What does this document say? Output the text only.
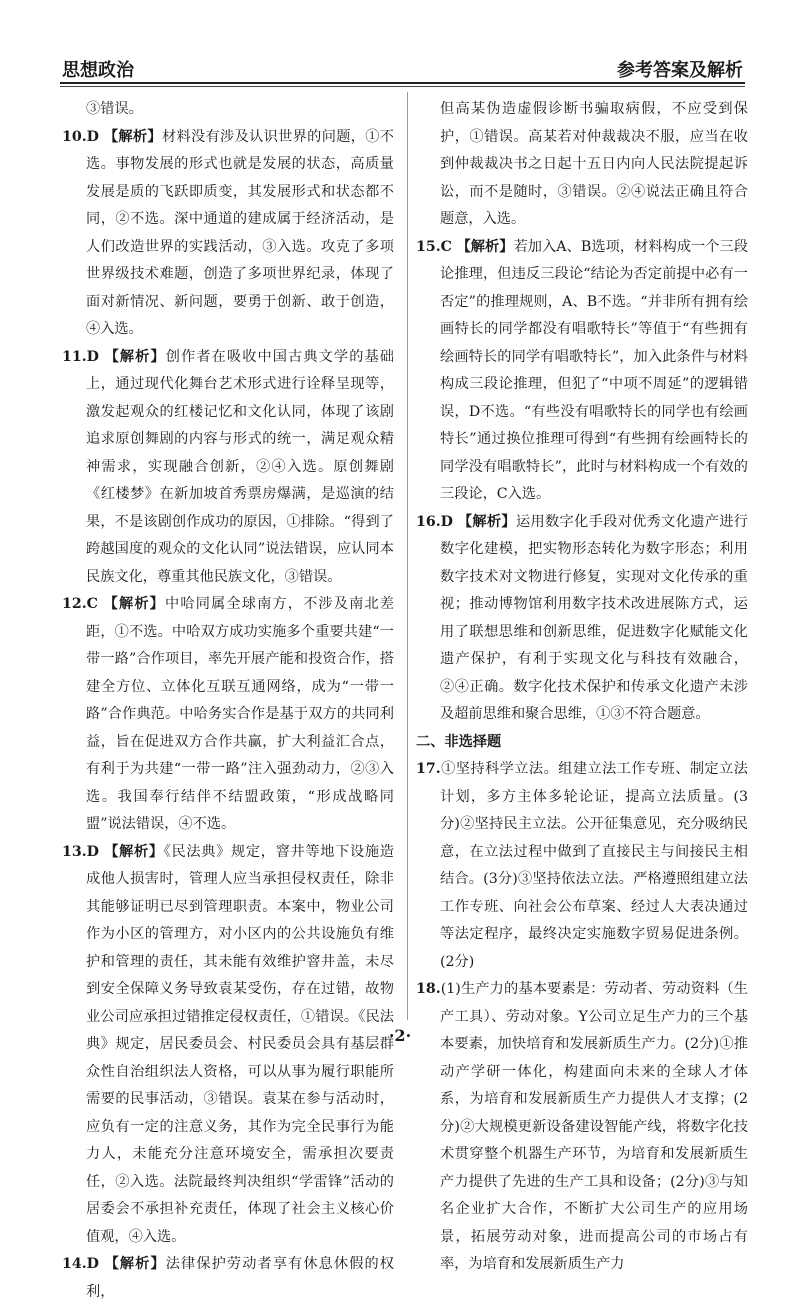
思想政治	参考答案及解析

③错误。

10.D 【解析】材料没有涉及认识世界的问题，①不选。事物发展的形式也就是发展的状态，高质量发展是质的飞跃即质变，其发展形式和状态都不同，②不选。深中通道的建成属于经济活动，是人们改造世界的实践活动，③入选。攻克了多项世界级技术难题，创造了多项世界纪录，体现了面对新情况、新问题，要勇于创新、敢于创造，④入选。

11.D 【解析】创作者在吸收中国古典文学的基础上，通过现代化舞台艺术形式进行诠释呈现等，激发起观众的红楼记忆和文化认同，体现了该剧追求原创舞剧的内容与形式的统一，满足观众精神需求，实现融合创新，②④入选。原创舞剧《红楼梦》在新加坡首秀票房爆满，是巡演的结果，不是该剧创作成功的原因，①排除。“得到了跨越国度的观众的文化认同”说法错误，应认同本民族文化，尊重其他民族文化，③错误。

12.C 【解析】中哈同属全球南方，不涉及南北差距，①不选。中哈双方成功实施多个重要共建“一带一路”合作项目，率先开展产能和投资合作，搭建全方位、立体化互联互通网络，成为“一带一路”合作典范。中哈务实合作是基于双方的共同利益，旨在促进双方合作共赢，扩大利益汇合点，有利于为共建“一带一路”注入强劲动力，②③入选。我国奉行结伴不结盟政策，“形成战略同盟”说法错误，④不选。

13.D 【解析】《民法典》规定，窨井等地下设施造成他人损害时，管理人应当承担侵权责任，除非其能够证明已尽到管理职责。本案中，物业公司作为小区的管理方，对小区内的公共设施负有维护和管理的责任，其未能有效维护窨井盖，未尽到安全保障义务导致袁某受伤，存在过错，故物业公司应承担过错推定侵权责任，①错误。《民法典》规定，居民委员会、村民委员会具有基层群众性自治组织法人资格，可以从事为履行职能所需要的民事活动，③错误。袁某在参与活动时，应负有一定的注意义务，其作为完全民事行为能力人，未能充分注意环境安全，需承担次要责任，②入选。法院最终判决组织“学雷锋”活动的居委会不承担补充责任，体现了社会主义核心价值观，④入选。

14.D 【解析】法律保护劳动者享有休息休假的权利，

但高某伪造虚假诊断书骗取病假，不应受到保护，①错误。高某若对仲裁裁决不服，应当在收到仲裁裁决书之日起十五日内向人民法院提起诉讼，而不是随时，③错误。②④说法正确且符合题意，入选。

15.C 【解析】若加入A、B选项，材料构成一个三段论推理，但违反三段论“结论为否定前提中必有一否定”的推理规则，A、B不选。“并非所有拥有绘画特长的同学都没有唱歌特长”等值于“有些拥有绘画特长的同学有唱歌特长”，加入此条件与材料构成三段论推理，但犯了“中项不周延”的逻辑错误，D不选。“有些没有唱歌特长的同学也有绘画特长”通过换位推理可得到“有些拥有绘画特长的同学没有唱歌特长”，此时与材料构成一个有效的三段论，C入选。

16.D 【解析】运用数字化手段对优秀文化遗产进行数字化建模，把实物形态转化为数字形态；利用数字技术对文物进行修复，实现对文化传承的重视；推动博物馆利用数字技术改进展陈方式，运用了联想思维和创新思维，促进数字化赋能文化遗产保护，有利于实现文化与科技有效融合，②④正确。数字化技术保护和传承文化遗产未涉及超前思维和聚合思维，①③不符合题意。

二、非选择题

17.①坚持科学立法。组建立法工作专班、制定立法计划，多方主体多轮论证，提高立法质量。(3分)②坚持民主立法。公开征集意见，充分吸纳民意，在立法过程中做到了直接民主与间接民主相结合。(3分)③坚持依法立法。严格遵照组建立法工作专班、向社会公布草案、经过人大表决通过等法定程序，最终决定实施数字贸易促进条例。(2分)

18.(1)生产力的基本要素是：劳动者、劳动资料（生产工具）、劳动对象。Y公司立足生产力的三个基本要素，加快培育和发展新质生产力。(2分)①推动产学研一体化，构建面向未来的全球人才体系，为培育和发展新质生产力提供人才支撑；(2分)②大规模更新设备建设智能产线，将数字化技术贯穿整个机器生产环节，为培育和发展新质生产力提供了先进的生产工具和设备；(2分)③与知名企业扩大合作，不断扩大公司生产的应用场景，拓展劳动对象，进而提高公司的市场占有率，为培育和发展新质生产力

·2·
